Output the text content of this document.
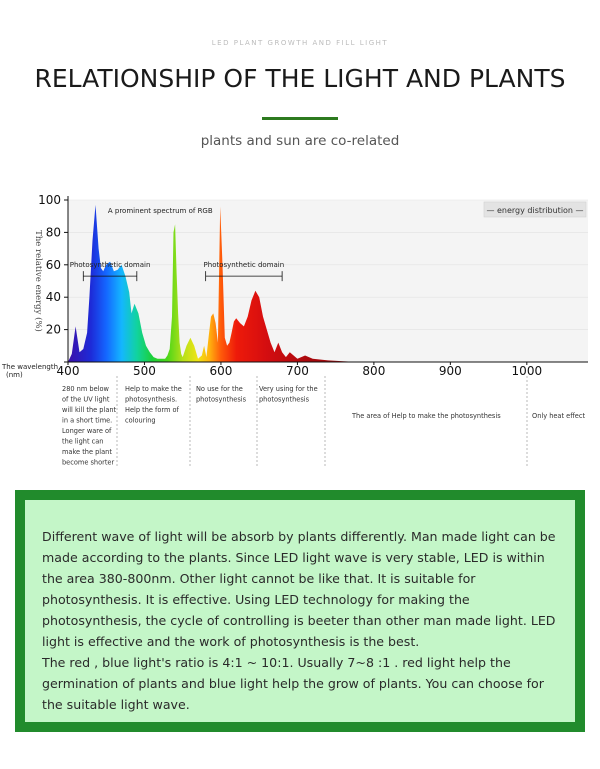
LED PLANT GROWTH AND FILL LIGHT
RELATIONSHIP OF THE LIGHT AND PLANTS
plants and sun are co-related
20
40
60
80
100
400	500	600	700	800	900	1000
The relative energy (%)
The wavelength (nm)
— energy distribution —
A prominent spectrum of RGB
Photosynthetic domain	Photosynthetic domain
280 nm below
of the UV light
will kill the plant
in a short time.
Longer ware of
the light can
make the plant
become shorter
Help to make the
photosynthesis.
Help the form of
colouring
No use for the
photosynthesis
Very using for the
photosynthesis
The area of Help to make the photosynthesis	Only heat effect

Different wave of light will be absorb by plants differently. Man made light can be made according to the plants. Since LED light wave is very stable, LED is within the area 380-800nm. Other light cannot be like that. It is suitable for photosynthesis. It is effective. Using LED technology for making the photosynthesis, the cycle of controlling is beeter than other man made light. LED light is effective and the work of photosynthesis is the best.

The red , blue light's ratio is 4:1 ~ 10:1. Usually 7~8 :1 . red light help the germination of plants and blue light help the grow of plants. You can choose for the suitable light wave.
